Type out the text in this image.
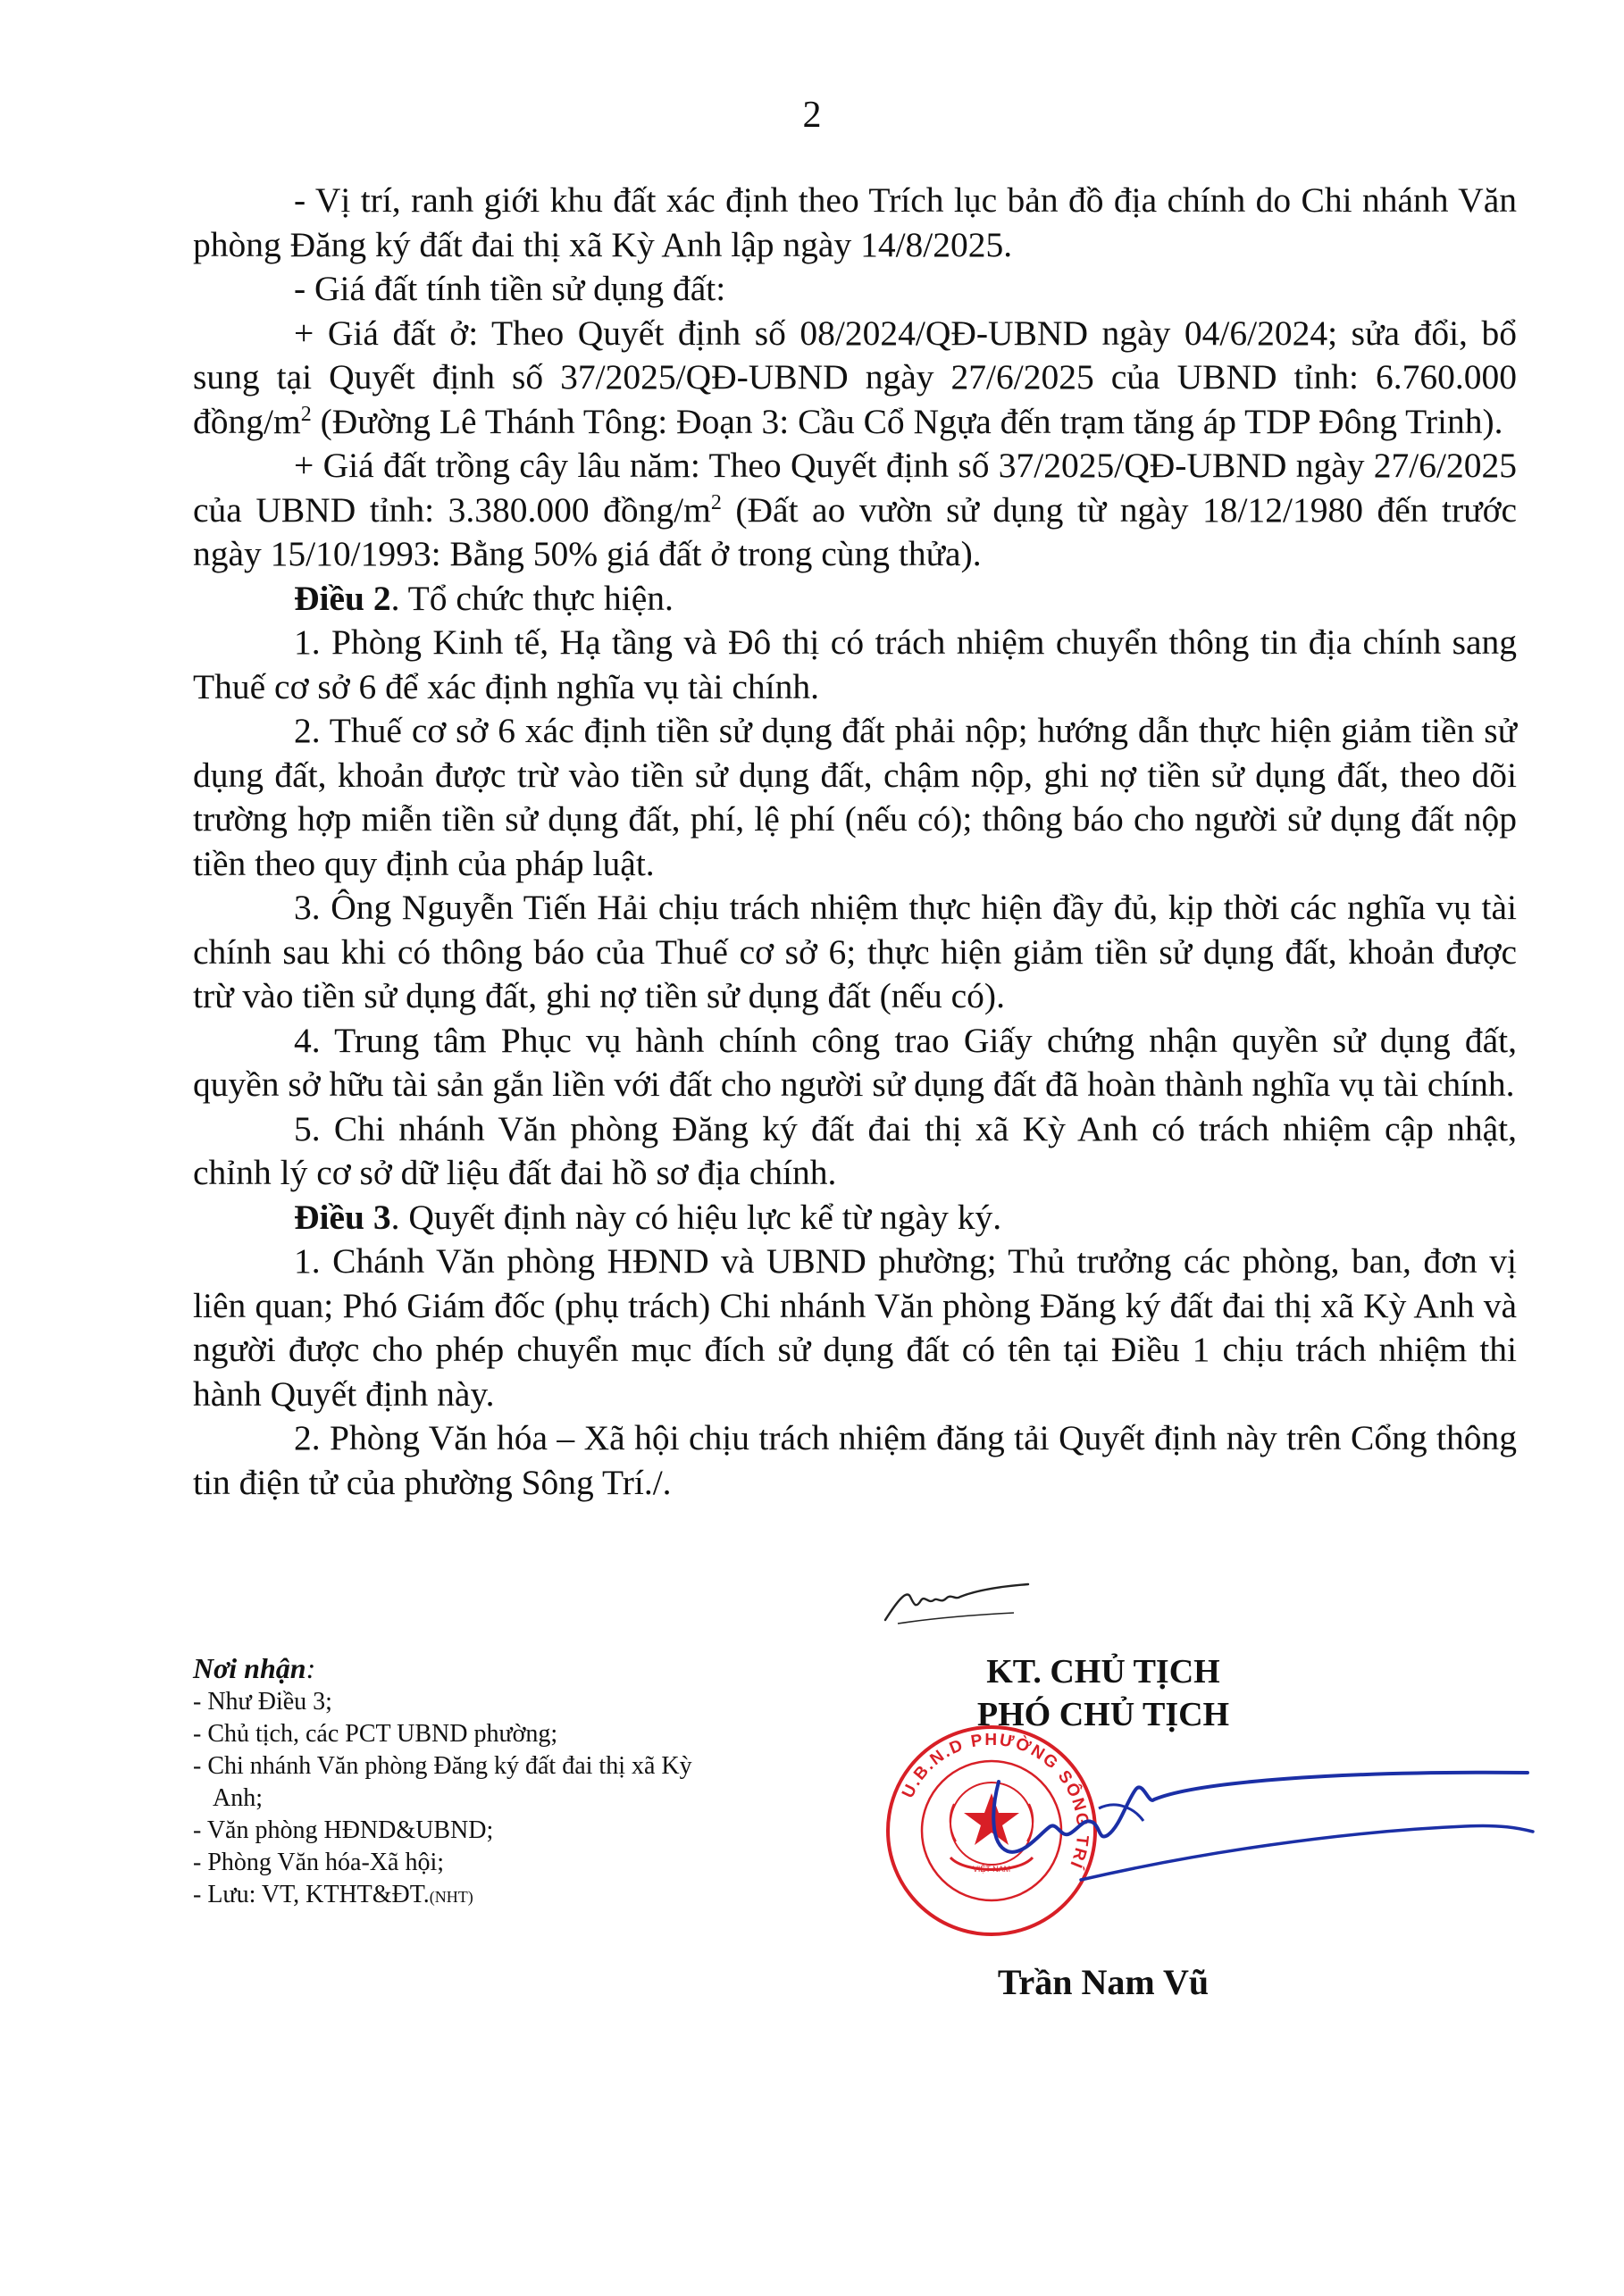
2

- Vị trí, ranh giới khu đất xác định theo Trích lục bản đồ địa chính do Chi nhánh Văn phòng Đăng ký đất đai thị xã Kỳ Anh lập ngày 14/8/2025.

- Giá đất tính tiền sử dụng đất:

+ Giá đất ở: Theo Quyết định số 08/2024/QĐ-UBND ngày 04/6/2024; sửa đổi, bổ sung tại Quyết định số 37/2025/QĐ-UBND ngày 27/6/2025 của UBND tỉnh: 6.760.000 đồng/$m^2$ (Đường Lê Thánh Tông: Đoạn 3: Cầu Cổ Ngựa đến trạm tăng áp TDP Đông Trinh).

+ Giá đất trồng cây lâu năm: Theo Quyết định số 37/2025/QĐ-UBND ngày 27/6/2025 của UBND tỉnh: 3.380.000 đồng/$m^2$ (Đất ao vườn sử dụng từ ngày 18/12/1980 đến trước ngày 15/10/1993: Bằng 50% giá đất ở trong cùng thửa).

Điều 2. Tổ chức thực hiện.

1. Phòng Kinh tế, Hạ tầng và Đô thị có trách nhiệm chuyển thông tin địa chính sang Thuế cơ sở 6 để xác định nghĩa vụ tài chính.

2. Thuế cơ sở 6 xác định tiền sử dụng đất phải nộp; hướng dẫn thực hiện giảm tiền sử dụng đất, khoản được trừ vào tiền sử dụng đất, chậm nộp, ghi nợ tiền sử dụng đất, theo dõi trường hợp miễn tiền sử dụng đất, phí, lệ phí (nếu có); thông báo cho người sử dụng đất nộp tiền theo quy định của pháp luật.

3. Ông Nguyễn Tiến Hải chịu trách nhiệm thực hiện đầy đủ, kịp thời các nghĩa vụ tài chính sau khi có thông báo của Thuế cơ sở 6; thực hiện giảm tiền sử dụng đất, khoản được trừ vào tiền sử dụng đất, ghi nợ tiền sử dụng đất (nếu có).

4. Trung tâm Phục vụ hành chính công trao Giấy chứng nhận quyền sử dụng đất, quyền sở hữu tài sản gắn liền với đất cho người sử dụng đất đã hoàn thành nghĩa vụ tài chính.

5. Chi nhánh Văn phòng Đăng ký đất đai thị xã Kỳ Anh có trách nhiệm cập nhật, chỉnh lý cơ sở dữ liệu đất đai hồ sơ địa chính.

Điều 3. Quyết định này có hiệu lực kể từ ngày ký.

1. Chánh Văn phòng HĐND và UBND phường; Thủ trưởng các phòng, ban, đơn vị liên quan; Phó Giám đốc (phụ trách) Chi nhánh Văn phòng Đăng ký đất đai thị xã Kỳ Anh và người được cho phép chuyển mục đích sử dụng đất có tên tại Điều 1 chịu trách nhiệm thi hành Quyết định này.

2. Phòng Văn hóa – Xã hội chịu trách nhiệm đăng tải Quyết định này trên Cổng thông tin điện tử của phường Sông Trí./.

Nơi nhận:
- Như Điều 3;
- Chủ tịch, các PCT UBND phường;
- Chi nhánh Văn phòng Đăng ký đất đai thị xã Kỳ Anh;
- Văn phòng HĐND&UBND;
- Phòng Văn hóa-Xã hội;
- Lưu: VT, KTHT&ĐT.(NHT)
KT. CHỦ TỊCH
PHÓ CHỦ TỊCH
U.B.N.D PHƯỜNG SÔNG TRÍ
VIỆT NAM
Trần Nam Vũ
